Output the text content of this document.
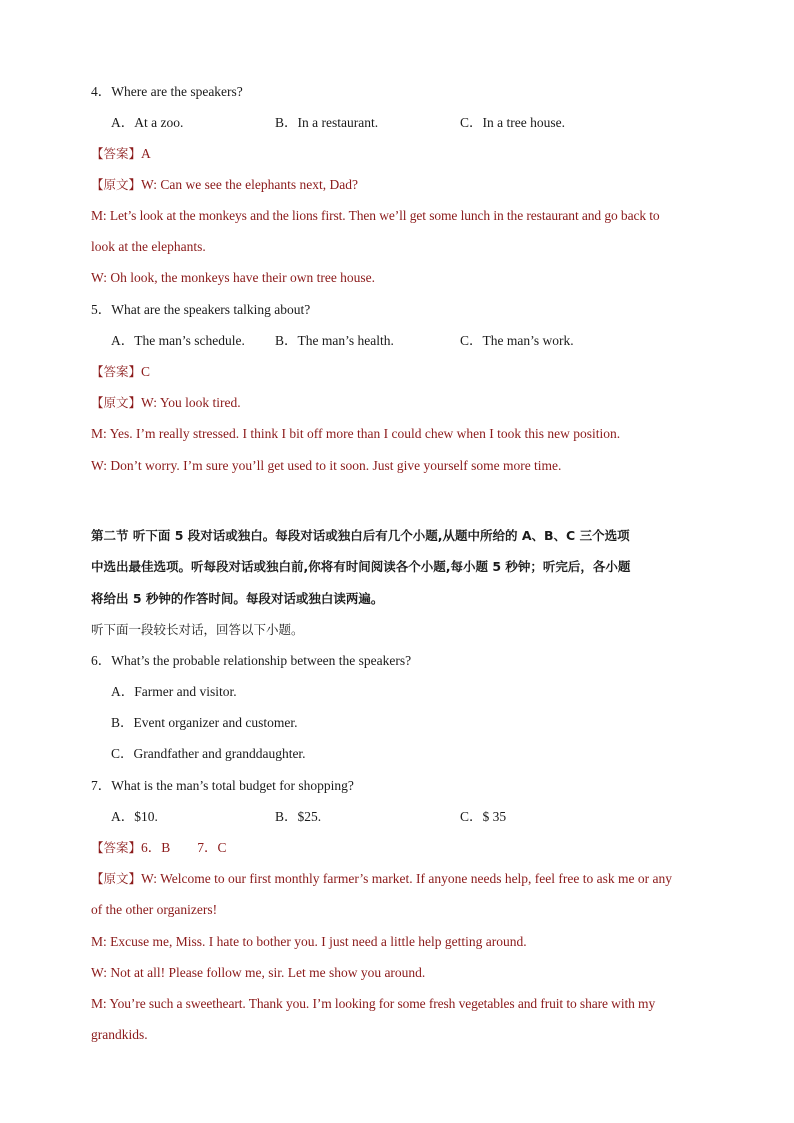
4．Where are the speakers?
A．At a zoo.	B．In a restaurant.	C．In a tree house.
【答案】A
【原文】W: Can we see the elephants next, Dad?
M: Let’s look at the monkeys and the lions first. Then we’ll get some lunch in the restaurant and go back to
look at the elephants.
W: Oh look, the monkeys have their own tree house.
5．What are the speakers talking about?
A．The man’s schedule. B．The man’s health.	C．The man’s work.
【答案】C
【原文】W: You look tired.
M: Yes. I’m really stressed. I think I bit off more than I could chew when I took this new position.
W: Don’t worry. I’m sure you’ll get used to it soon. Just give yourself some more time.
第二节 听下面 5 段对话或独白。每段对话或独白后有几个小题,从题中所给的 A、B、C 三个选项
中选出最佳选项。听每段对话或独白前,你将有时间阅读各个小题,每小题 5 秒钟；听完后，各小题
将给出 5 秒钟的作答时间。每段对话或独白读两遍。
听下面一段较长对话，回答以下小题。
6．What’s the probable relationship between the speakers?
A．Farmer and visitor.
B．Event organizer and customer.
C．Grandfather and granddaughter.
7．What is the man’s total budget for shopping?
A．$10.	B．$25.	C．$ 35
【答案】6．B　　7．C
【原文】W: Welcome to our first monthly farmer’s market. If anyone needs help, feel free to ask me or any
of the other organizers!
M: Excuse me, Miss. I hate to bother you. I just need a little help getting around.
W: Not at all! Please follow me, sir. Let me show you around.
M: You’re such a sweetheart. Thank you. I’m looking for some fresh vegetables and fruit to share with my
grandkids.
